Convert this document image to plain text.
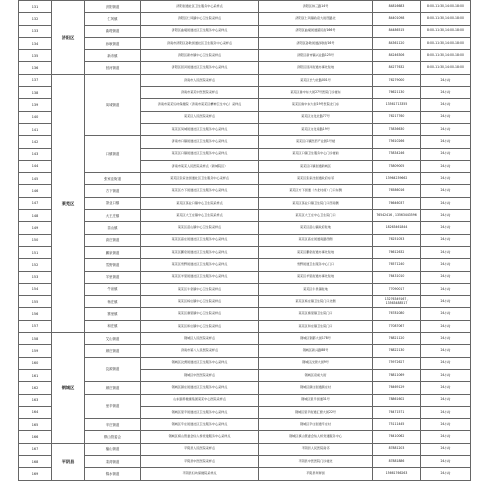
131	济阳区	济阳街道	济阳街道社区卫生服务中心采样点	济阳区纬三路14号	84816683	8:00-11:30,14:00-18:00
132		仁风镇	济阳区仁风镇中心卫生院采样点	济阳区仁风镇政府大街西路北	84401098	8:00-11:30,14:00-18:00
133		曲堤街道	济阳区曲堤街道社区卫生服务中心采样点	济阳区曲堤街道富民街166号	84486515	8:00-11:30,14:00-18:00
134		孙耿街道	济南市济阳区孙耿街道社区卫生服务中心采样点	济阳区孙耿街道孙耿街16号	84361120	8:00-11:30,14:00-18:00
135		新市镇	济阳区新市镇中心卫生院采样点	济阳区新市镇兴业路125号	84246306	8:00-11:30,14:00-18:00
136		回河街道	济阳区回河街道社区卫生服务中心采样点	济阳区回河街道办事处驻地	84277632	8:00-11:30,14:00-18:00
137	莱芜区	凤城街道	济南市人民医院采样点	莱芜区长勺北路001号	76279000	24小时
138			济南市莱芜中医医院采样点	莱芜区鲁中东大街27号医院门诊楼东	76621130	24小时
139			济南市莱芜妇幼保健院（济南市莱芜区精神卫生中心）采样点	莱芜区鲁中东大街19号医院北门东	13561713355	24小时
140			莱芜区人民医院采样点	莱芜区文化北路77号	76217760	24小时
141			莱芜区凤城街道社区卫生服务中心采样点	莱芜区文化南路19号	75836630	24小时
142		口镇街道	济南市口镇街道社区卫生服务中心采样点	莱芜区口镇医药产业园1号楼	75610266	24小时
143			莱芜区口镇街道社区卫生服务中心采样点	莱芜区口镇卫生服务中心门诊楼前	75834246	24小时
144			济南市莱芜人民医院采样点（新城院区）	莱芜区口镇街道新城区	75809005	24小时
145		张家洼街道	莱芜区张家洼街道社区卫生服务中心采样点	莱芜区张家洼街道政府东邻	13964239662	24小时
146		方下街道	莱芜区方下街道社区卫生服务中心采样点	莱芜区方下街道（方北村前）门口东侧	76586016	24小时
147		茶业口镇	莱芜区茶业口镇中心卫生院采样点	莱芜区茶业口镇卫生院门口西南侧	76646037	24小时
148		大王庄镇	莱芜区大王庄镇中心卫生院采样点	莱芜区大王庄中心卫生院门口	76542416 , 13563443596	24小时
149		苗山镇	莱芜区苗山镇中心卫生院采样点	莱芜区苗山镇政府驻地	18263461844	24小时
150		高庄街道	莱芜区高庄街道社区卫生服务中心采样点	莱芜区高庄街道南路西侧	76251053	24小时
151		鹏泉街道	莱芜区鹏泉街道社区卫生服务中心采样点	莱芜区鹏泉街道办事处驻地	76612632	24小时
152		雪野街道	莱芜区雪野街道社区卫生服务中心采样点	雪野街道卫生服务中心门口	76571240	24小时
153		羊里街道	莱芜区羊里街道社区卫生服务中心采样点	莱芜区羊里街道办事处驻地	76431010	24小时
154		牛泉镇	莱芜区牛泉镇中心卫生院采样点	莱芜区牛泉镇驻地	77090017	24小时
155		杨庄镇	莱芜区杨庄镇中心卫生院采样点	莱芜区杨庄镇卫生院门口北侧	13276349167 , 13563488517	24小时
156		寨里镇	莱芜区寨里镇中心卫生院采样点	莱芜区寨里镇卫生院门口	76781080	24小时
157		和庄镇	莱芜区和庄镇中心卫生院采样点	莱芜区和庄镇卫生院门口	77087067	24小时
158	钢城区	艾山街道	钢城区人民医院采样点	钢城区钢都大街178号	76821120	24小时
159		颜庄街道	济南市第八人民医院采样点	钢城区新兴路88号	76822130	24小时
160		汶源街道	钢城区汶源街道社区卫生服务中心采样点	钢城区汶源大街9号	75972627	24小时
161			钢城区中医医院采样点	钢城区府前大街	76811069	24小时
162		颜庄街道	钢城区颜庄街道社区卫生服务中心采样点	钢城区颜庄街道颜庄村	76469129	24小时
163		里辛街道	山东颐养健康集团莱芜中心医院采样点	钢城区里辛街道31号	78861602	24小时
164			钢城区里辛街道社区卫生服务中心采样点	钢城区里辛街道汇源大街22号	76471571	24小时
165		辛庄街道	钢城区辛庄街道社区卫生服务中心采样点	钢城区辛庄街道辛庄村	75111445	24小时
166		棋山管委会	钢城区棋山管委会仙人桥党建服务中心采样点	钢城区棋山管委会仙人桥党建服务中心	76410062	24小时
167	平阴县	榆山街道	平阴县人民医院采样点	平阴县人民医院南邻	87881203	24小时
168		栾湾街道	平阴县中医医院采样点	平阴县中医医院门诊楼北	87881886	24小时
169		锦水街道	平阴县妇幼保健院采样点	平阴县翠屏街	15661766263	24小时
